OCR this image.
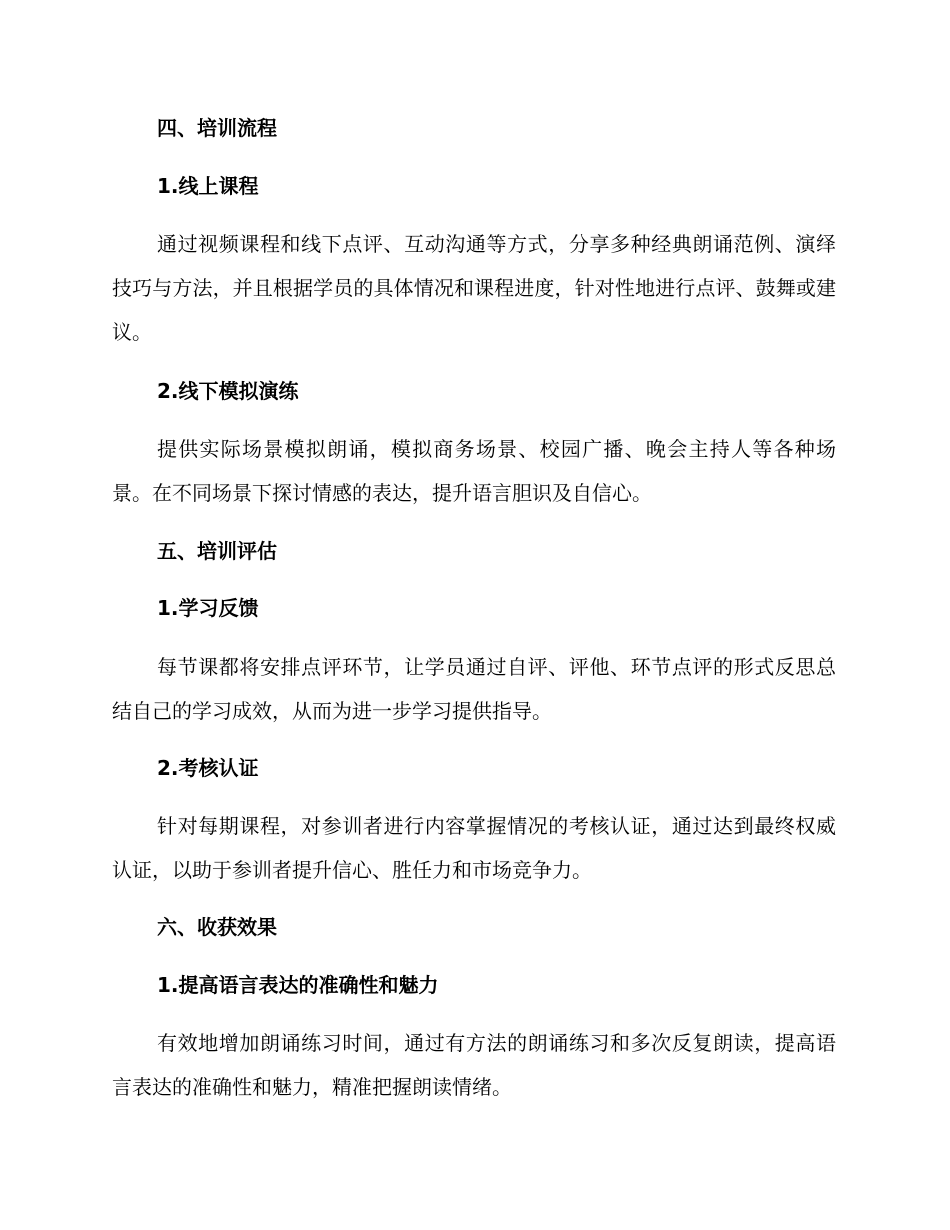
四、培训流程
1.线上课程
通过视频课程和线下点评、互动沟通等方式，分享多种经典朗诵范例、演绎技巧与方法，并且根据学员的具体情况和课程进度，针对性地进行点评、鼓舞或建议。
2.线下模拟演练
提供实际场景模拟朗诵，模拟商务场景、校园广播、晚会主持人等各种场景。在不同场景下探讨情感的表达，提升语言胆识及自信心。
五、培训评估
1.学习反馈
每节课都将安排点评环节，让学员通过自评、评他、环节点评的形式反思总结自己的学习成效，从而为进一步学习提供指导。
2.考核认证
针对每期课程，对参训者进行内容掌握情况的考核认证，通过达到最终权威认证，以助于参训者提升信心、胜任力和市场竞争力。
六、收获效果
1.提高语言表达的准确性和魅力
有效地增加朗诵练习时间，通过有方法的朗诵练习和多次反复朗读，提高语言表达的准确性和魅力，精准把握朗读情绪。
